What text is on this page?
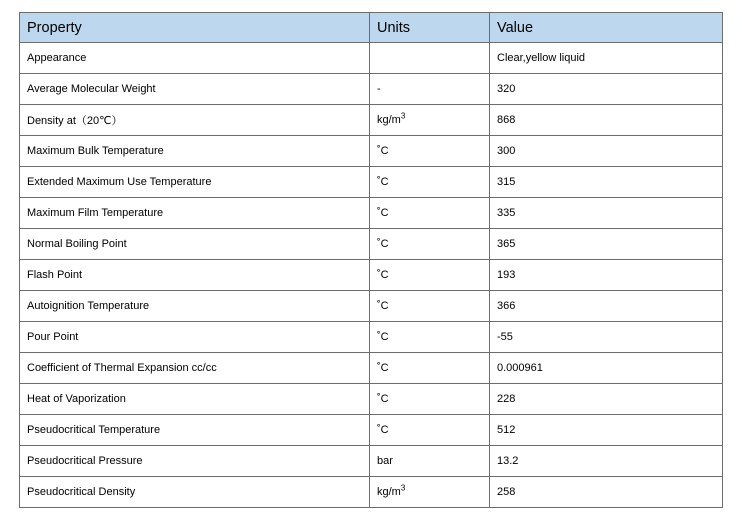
Property	Units	Value
Appearance		Clear,yellow liquid
Average Molecular Weight	-	320
Density at（20℃）	$kg/m^3$	868
Maximum Bulk Temperature	˚C	300
Extended Maximum Use Temperature	˚C	315
Maximum Film Temperature	˚C	335
Normal Boiling Point	˚C	365
Flash Point	˚C	193
Autoignition Temperature	˚C	366
Pour Point	˚C	-55
Coefficient of Thermal Expansion cc/cc	˚C	0.000961
Heat of Vaporization	˚C	228
Pseudocritical Temperature	˚C	512
Pseudocritical Pressure	bar	13.2
Pseudocritical Density	$kg/m^3$	258
